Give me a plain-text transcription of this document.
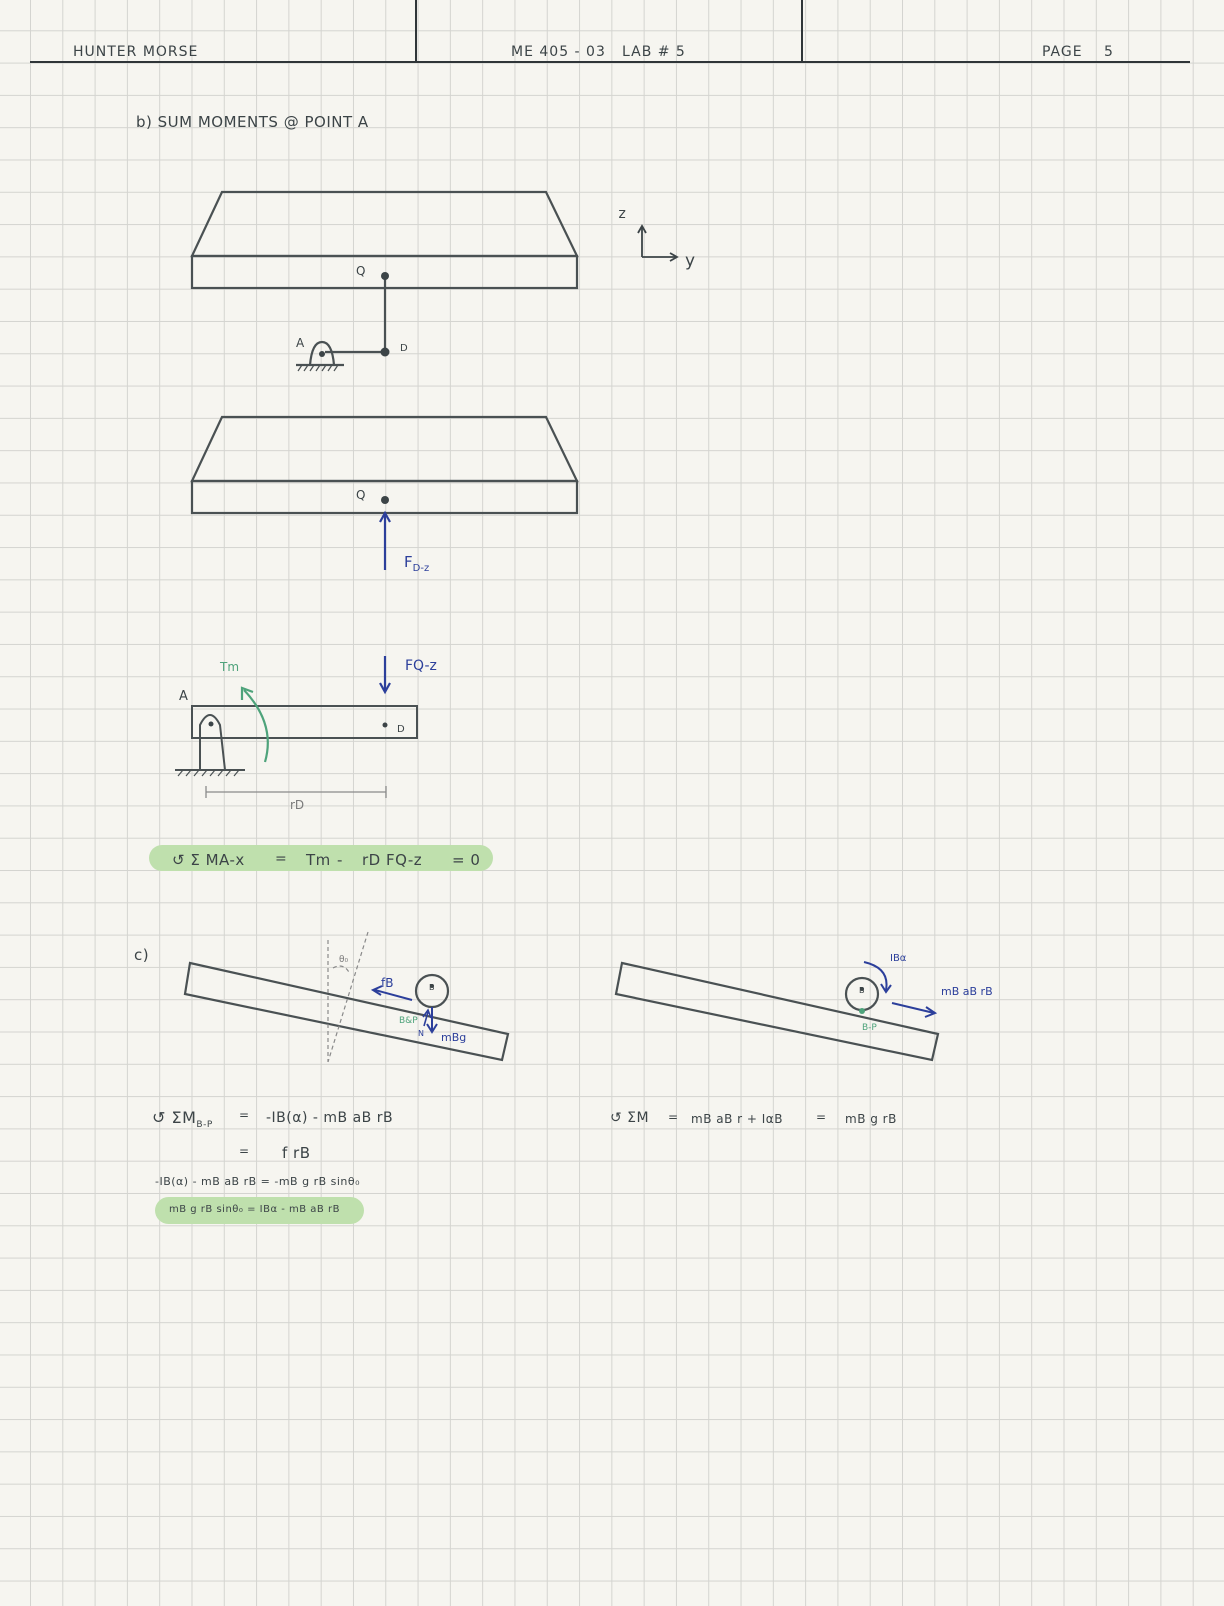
HUNTER MORSE	ME 405 - 03 LAB # 5	PAGE 5
b) SUM MOMENTS @ POINT A
z
y
Q
A	D
Q
$F_{D-z}$
FQ-z
Tm
A
D
rD
↺ Σ MA-x = Tm - rD FQ-z = 0
c)	θ₀
fB	B
B&P
N mBg
IBα
B	mB aB rB
B-P
↺ $\Sigma M_{B-P}$
= -IB(α) - mB aB rB
= f rB
-IB(α) - mB aB rB = -mB g rB sinθ₀
mB g rB sinθ₀ = IBα - mB aB rB
↺ ΣM = mB aB r + IαB	= mB g rB
